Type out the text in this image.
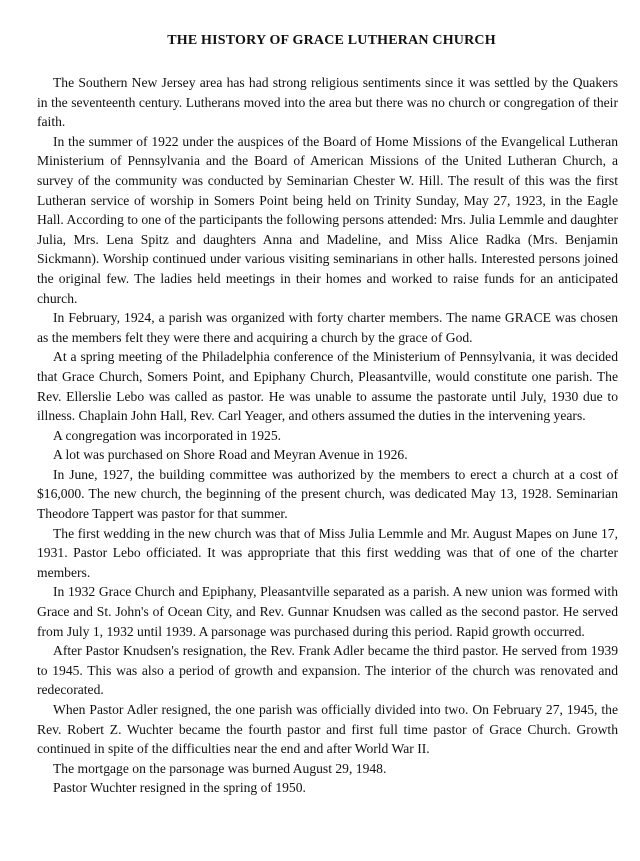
THE HISTORY OF GRACE LUTHERAN CHURCH

The Southern New Jersey area has had strong religious sentiments since it was settled by the Quakers in the seventeenth century. Lutherans moved into the area but there was no church or congregation of their faith.

In the summer of 1922 under the auspices of the Board of Home Missions of the Evangelical Lutheran Ministerium of Pennsylvania and the Board of American Missions of the United Lutheran Church, a survey of the community was conducted by Seminarian Chester W. Hill. The result of this was the first Lutheran service of worship in Somers Point being held on Trinity Sunday, May 27, 1923, in the Eagle Hall. According to one of the participants the following persons attended: Mrs. Julia Lemmle and daughter Julia, Mrs. Lena Spitz and daughters Anna and Madeline, and Miss Alice Radka (Mrs. Benjamin Sickmann). Worship continued under various visiting seminarians in other halls. Interested persons joined the original few. The ladies held meetings in their homes and worked to raise funds for an anticipated church.

In February, 1924, a parish was organized with forty charter members. The name GRACE was chosen as the members felt they were there and acquiring a church by the grace of God.

At a spring meeting of the Philadelphia conference of the Ministerium of Pennsylvania, it was decided that Grace Church, Somers Point, and Epiphany Church, Pleasantville, would constitute one parish. The Rev. Ellerslie Lebo was called as pastor. He was unable to assume the pastorate until July, 1930 due to illness. Chaplain John Hall, Rev. Carl Yeager, and others assumed the duties in the intervening years.

A congregation was incorporated in 1925.

A lot was purchased on Shore Road and Meyran Avenue in 1926.

In June, 1927, the building committee was authorized by the members to erect a church at a cost of $16,000. The new church, the beginning of the present church, was dedicated May 13, 1928. Seminarian Theodore Tappert was pastor for that summer.

The first wedding in the new church was that of Miss Julia Lemmle and Mr. August Mapes on June 17, 1931. Pastor Lebo officiated. It was appropriate that this first wedding was that of one of the charter members.

In 1932 Grace Church and Epiphany, Pleasantville separated as a parish. A new union was formed with Grace and St. John's of Ocean City, and Rev. Gunnar Knudsen was called as the second pastor. He served from July 1, 1932 until 1939. A parsonage was purchased during this period. Rapid growth occurred.

After Pastor Knudsen's resignation, the Rev. Frank Adler became the third pastor. He served from 1939 to 1945. This was also a period of growth and expansion. The interior of the church was renovated and redecorated.

When Pastor Adler resigned, the one parish was officially divided into two. On February 27, 1945, the Rev. Robert Z. Wuchter became the fourth pastor and first full time pastor of Grace Church. Growth continued in spite of the difficulties near the end and after World War II.

The mortgage on the parsonage was burned August 29, 1948.

Pastor Wuchter resigned in the spring of 1950.
